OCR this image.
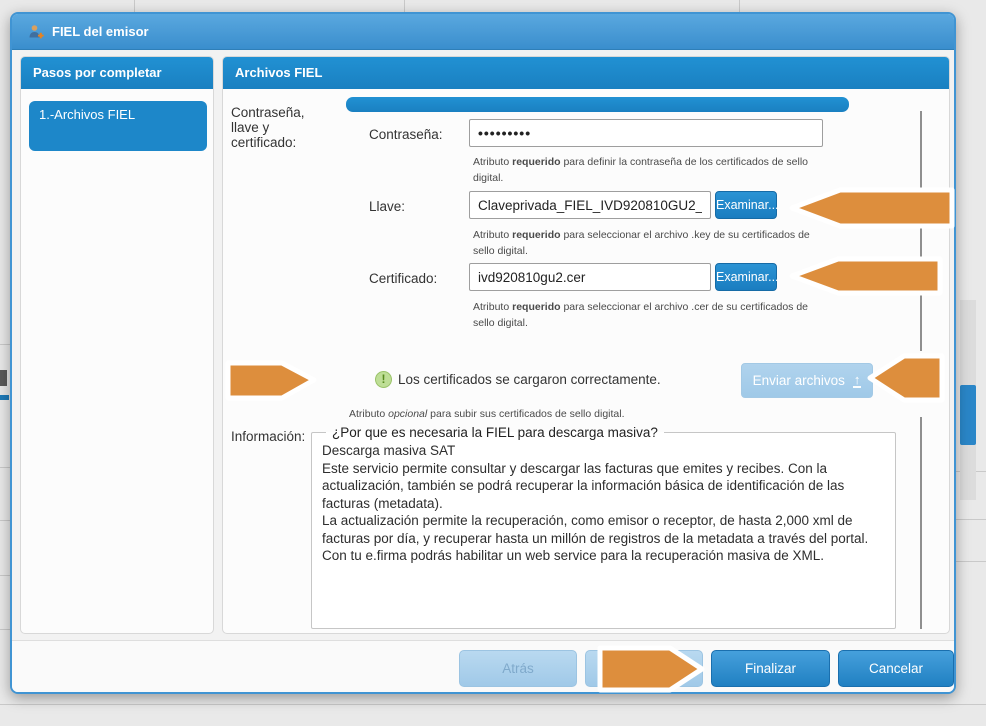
FIEL del emisor
Pasos por completar
1.-Archivos FIEL
Archivos FIEL
Contraseña, llave y certificado:
Contraseña:
•••••••••
Atributo requerido para definir la contraseña de los certificados de sello digital.
Llave:
Claveprivada_FIEL_IVD920810GU2_2023	Examinar...
Atributo requerido para seleccionar el archivo .key de su certificados de sello digital.
Certificado:
ivd920810gu2.cer	Examinar...
Atributo requerido para seleccionar el archivo .cer de su certificados de sello digital.
! Los certificados se cargaron correctamente.	Enviar archivos ↑
Atributo opcional para subir sus certificados de sello digital.
Información:	¿Por que es necesaria la FIEL para descarga masiva?
Descarga masiva SAT
Este servicio permite consultar y descargar las facturas que emites y recibes. Con la actualización, también se podrá recuperar la información básica de identificación de las facturas (metadata).
La actualización permite la recuperación, como emisor o receptor, de hasta 2,000 xml de facturas por día, y recuperar hasta un millón de registros de la metadata a través del portal.
Con tu e.firma podrás habilitar un web service para la recuperación masiva de XML.
Atrás	Finalizar	Cancelar
